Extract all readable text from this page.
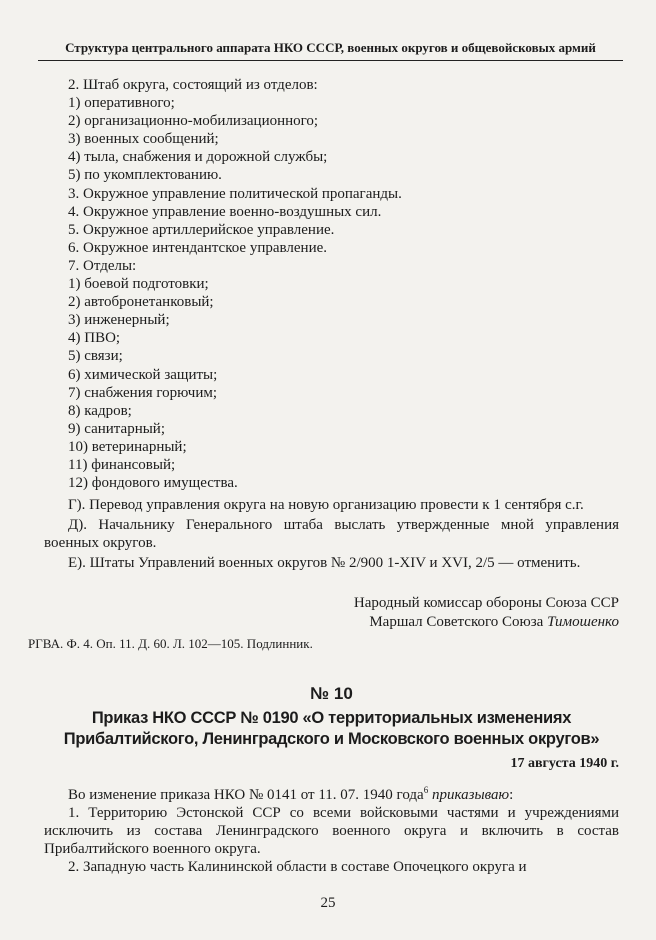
Структура центрального аппарата НКО СССР, военных округов и общевойсковых армий
2. Штаб округа, состоящий из отделов:
1) оперативного;
2) организационно-мобилизационного;
3) военных сообщений;
4) тыла, снабжения и дорожной службы;
5) по укомплектованию.
3. Окружное управление политической пропаганды.
4. Окружное управление военно-воздушных сил.
5. Окружное артиллерийское управление.
6. Окружное интендантское управление.
7. Отделы:
1) боевой подготовки;
2) автобронетанковый;
3) инженерный;
4) ПВО;
5) связи;
6) химической защиты;
7) снабжения горючим;
8) кадров;
9) санитарный;
10) ветеринарный;
11) финансовый;
12) фондового имущества.
Г). Перевод управления округа на новую организацию провести к 1 сентября с.г.
Д). Начальнику Генерального штаба выслать утвержденные мной управления военных округов.
Е). Штаты Управлений военных округов № 2/900 1-XIV и XVI, 2/5 — отменить.
Народный комиссар обороны Союза ССР
Маршал Советского Союза Тимошенко
РГВА. Ф. 4. Оп. 11. Д. 60. Л. 102—105. Подлинник.
№ 10
Приказ НКО СССР № 0190 «О территориальных изменениях
Прибалтийского, Ленинградского и Московского военных округов»
17 августа 1940 г.
Во изменение приказа НКО № 0141 от 11. 07. 1940 года$^6$ приказываю:
1. Территорию Эстонской ССР со всеми войсковыми частями и учреждениями исключить из состава Ленинградского военного округа и включить в состав Прибалтийского военного округа.
2. Западную часть Калининской области в составе Опочецкого округа и
25
